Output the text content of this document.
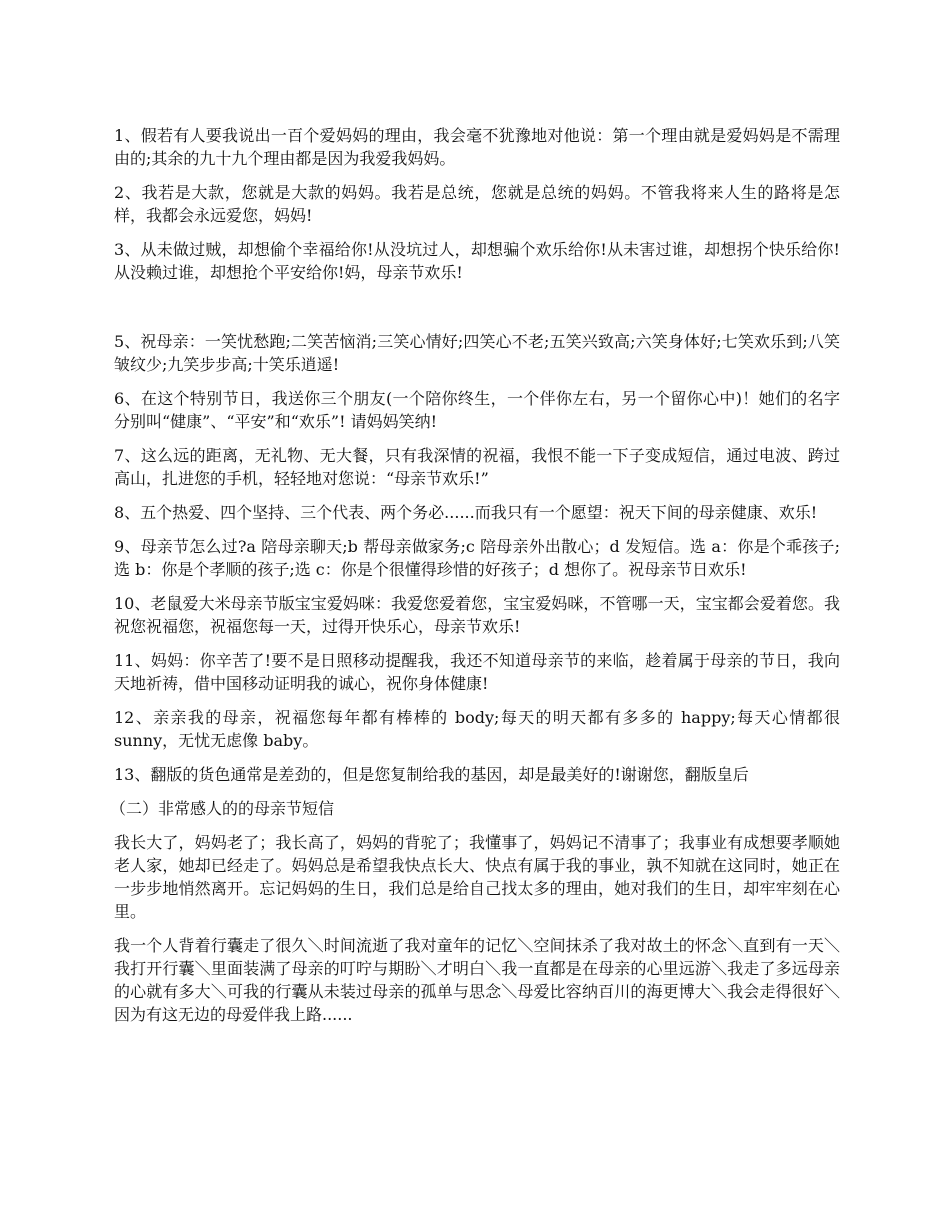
1、假若有人要我说出一百个爱妈妈的理由，我会毫不犹豫地对他说：第一个理由就是爱妈妈是不需理由的;其余的九十九个理由都是因为我爱我妈妈。

2、我若是大款，您就是大款的妈妈。我若是总统，您就是总统的妈妈。不管我将来人生的路将是怎样，我都会永远爱您，妈妈!

3、从未做过贼，却想偷个幸福给你!从没坑过人，却想骗个欢乐给你!从未害过谁，却想拐个快乐给你!从没赖过谁，却想抢个平安给你!妈，母亲节欢乐!

5、祝母亲：一笑忧愁跑;二笑苦恼消;三笑心情好;四笑心不老;五笑兴致高;六笑身体好;七笑欢乐到;八笑皱纹少;九笑步步高;十笑乐逍遥!

6、在这个特别节日，我送你三个朋友(一个陪你终生，一个伴你左右，另一个留你心中)！她们的名字分别叫“健康”、“平安”和“欢乐”! 请妈妈笑纳!

7、这么远的距离，无礼物、无大餐，只有我深情的祝福，我恨不能一下子变成短信，通过电波、跨过高山，扎进您的手机，轻轻地对您说：“母亲节欢乐!”

8、五个热爱、四个坚持、三个代表、两个务必......而我只有一个愿望：祝天下间的母亲健康、欢乐!

9、母亲节怎么过?a 陪母亲聊天;b 帮母亲做家务;c 陪母亲外出散心；d 发短信。选 a：你是个乖孩子;选 b：你是个孝顺的孩子;选 c：你是个很懂得珍惜的好孩子；d 想你了。祝母亲节日欢乐!

10、老鼠爱大米母亲节版宝宝爱妈咪：我爱您爱着您，宝宝爱妈咪，不管哪一天，宝宝都会爱着您。我祝您祝福您，祝福您每一天，过得开快乐心，母亲节欢乐!

11、妈妈：你辛苦了!要不是日照移动提醒我，我还不知道母亲节的来临，趁着属于母亲的节日，我向天地祈祷，借中国移动证明我的诚心，祝你身体健康!

12、亲亲我的母亲，祝福您每年都有棒棒的 body;每天的明天都有多多的 happy;每天心情都很 sunny，无忧无虑像 baby。

13、翻版的货色通常是差劲的，但是您复制给我的基因，却是最美好的!谢谢您，翻版皇后

（二）非常感人的的母亲节短信

我长大了，妈妈老了；我长高了，妈妈的背驼了；我懂事了，妈妈记不清事了；我事业有成想要孝顺她老人家，她却已经走了。妈妈总是希望我快点长大、快点有属于我的事业，孰不知就在这同时，她正在一步步地悄然离开。忘记妈妈的生日，我们总是给自己找太多的理由，她对我们的生日，却牢牢刻在心里。

我一个人背着行囊走了很久＼时间流逝了我对童年的记忆＼空间抹杀了我对故土的怀念＼直到有一天＼我打开行囊＼里面装满了母亲的叮咛与期盼＼才明白＼我一直都是在母亲的心里远游＼我走了多远母亲的心就有多大＼可我的行囊从未装过母亲的孤单与思念＼母爱比容纳百川的海更博大＼我会走得很好＼因为有这无边的母爱伴我上路......
